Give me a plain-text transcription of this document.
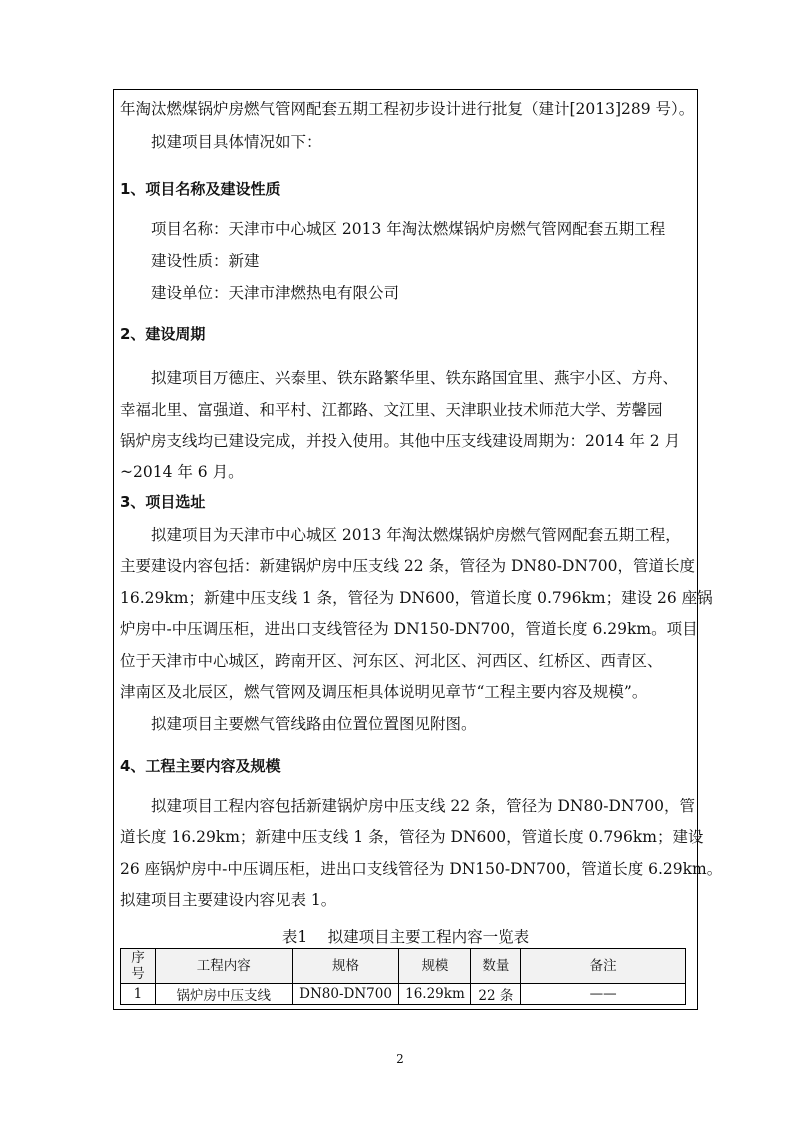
年淘汰燃煤锅炉房燃气管网配套五期工程初步设计进行批复（建计[2013]289 号）。
拟建项目具体情况如下：
1、项目名称及建设性质
项目名称：天津市中心城区 2013 年淘汰燃煤锅炉房燃气管网配套五期工程
建设性质：新建
建设单位：天津市津燃热电有限公司
2、建设周期
拟建项目万德庄、兴泰里、铁东路繁华里、铁东路国宜里、燕宇小区、方舟、
幸福北里、富强道、和平村、江都路、文江里、天津职业技术师范大学、芳馨园
锅炉房支线均已建设完成，并投入使用。其他中压支线建设周期为：2014 年 2 月
~2014 年 6 月。
3、项目选址
拟建项目为天津市中心城区 2013 年淘汰燃煤锅炉房燃气管网配套五期工程，
主要建设内容包括：新建锅炉房中压支线 22 条，管径为 DN80-DN700，管道长度
16.29km；新建中压支线 1 条，管径为 DN600，管道长度 0.796km；建设 26 座锅
炉房中-中压调压柜，进出口支线管径为 DN150-DN700，管道长度 6.29km。项目
位于天津市中心城区，跨南开区、河东区、河北区、河西区、红桥区、西青区、
津南区及北辰区，燃气管网及调压柜具体说明见章节“工程主要内容及规模”。
拟建项目主要燃气管线路由位置位置图见附图。
4、工程主要内容及规模
拟建项目工程内容包括新建锅炉房中压支线 22 条，管径为 DN80-DN700，管
道长度 16.29km；新建中压支线 1 条，管径为 DN600，管道长度 0.796km；建设
26 座锅炉房中-中压调压柜，进出口支线管径为 DN150-DN700，管道长度 6.29km。
拟建项目主要建设内容见表 1。
表1　 拟建项目主要工程内容一览表
序
号	工程内容	规格	规模	数量	备注
1	锅炉房中压支线	DN80-DN700	16.29km	22 条	——
2
